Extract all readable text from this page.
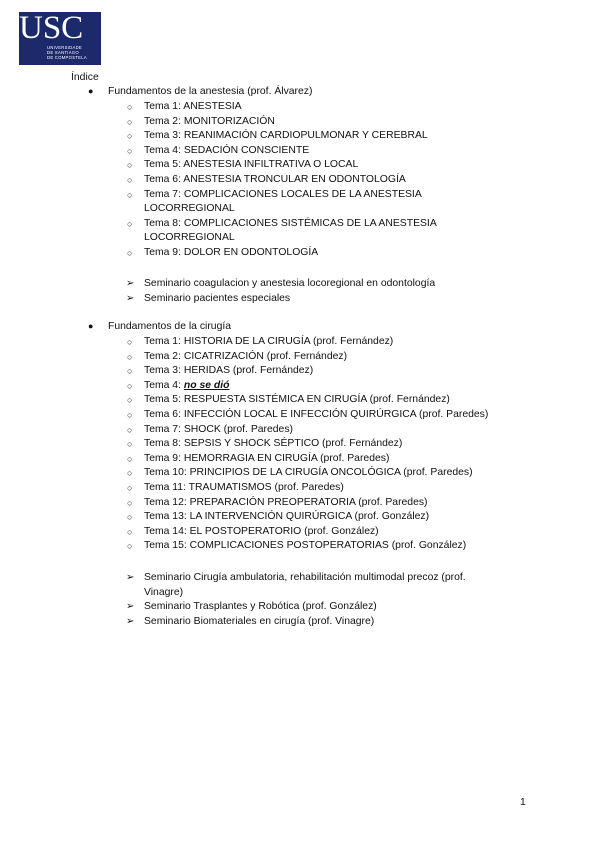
USC
UNIVERSIDADE
DE SANTIAGO
DE COMPOSTELA
Índice
● Fundamentos de la anestesia (prof. Álvarez)
○ Tema 1: ANESTESIA
○ Tema 2: MONITORIZACIÓN
○ Tema 3: REANIMACIÓN CARDIOPULMONAR Y CEREBRAL
○ Tema 4: SEDACIÓN CONSCIENTE
○ Tema 5: ANESTESIA INFILTRATIVA O LOCAL
○ Tema 6: ANESTESIA TRONCULAR EN ODONTOLOGÍA
○ Tema 7: COMPLICACIONES LOCALES DE LA ANESTESIA LOCORREGIONAL
○ Tema 8: COMPLICACIONES SISTÉMICAS DE LA ANESTESIA LOCORREGIONAL
○ Tema 9: DOLOR EN ODONTOLOGÍA
➢ Seminario coagulacion y anestesia locoregional en odontología
➢ Seminario pacientes especiales
● Fundamentos de la cirugía
○ Tema 1: HISTORIA DE LA CIRUGÍA (prof. Fernández)
○ Tema 2: CICATRIZACIÓN (prof. Fernández)
○ Tema 3: HERIDAS (prof. Fernández)
○ Tema 4: no se dió
○ Tema 5: RESPUESTA SISTÉMICA EN CIRUGÍA (prof. Fernández)
○ Tema 6: INFECCIÓN LOCAL E INFECCIÓN QUIRÚRGICA (prof. Paredes)
○ Tema 7: SHOCK (prof. Paredes)
○ Tema 8: SEPSIS Y SHOCK SÉPTICO (prof. Fernández)
○ Tema 9: HEMORRAGIA EN CIRUGÍA (prof. Paredes)
○ Tema 10: PRINCIPIOS DE LA CIRUGÍA ONCOLÓGICA (prof. Paredes)
○ Tema 11: TRAUMATISMOS (prof. Paredes)
○ Tema 12: PREPARACIÓN PREOPERATORIA (prof. Paredes)
○ Tema 13: LA INTERVENCIÓN QUIRÚRGICA (prof. González)
○ Tema 14: EL POSTOPERATORIO (prof. González)
○ Tema 15: COMPLICACIONES POSTOPERATORIAS (prof. González)
➢ Seminario Cirugía ambulatoria, rehabilitación multimodal precoz (prof. Vinagre)
➢ Seminario Trasplantes y Robótica (prof. González)
➢ Seminario Biomateriales en cirugía (prof. Vinagre)
1
